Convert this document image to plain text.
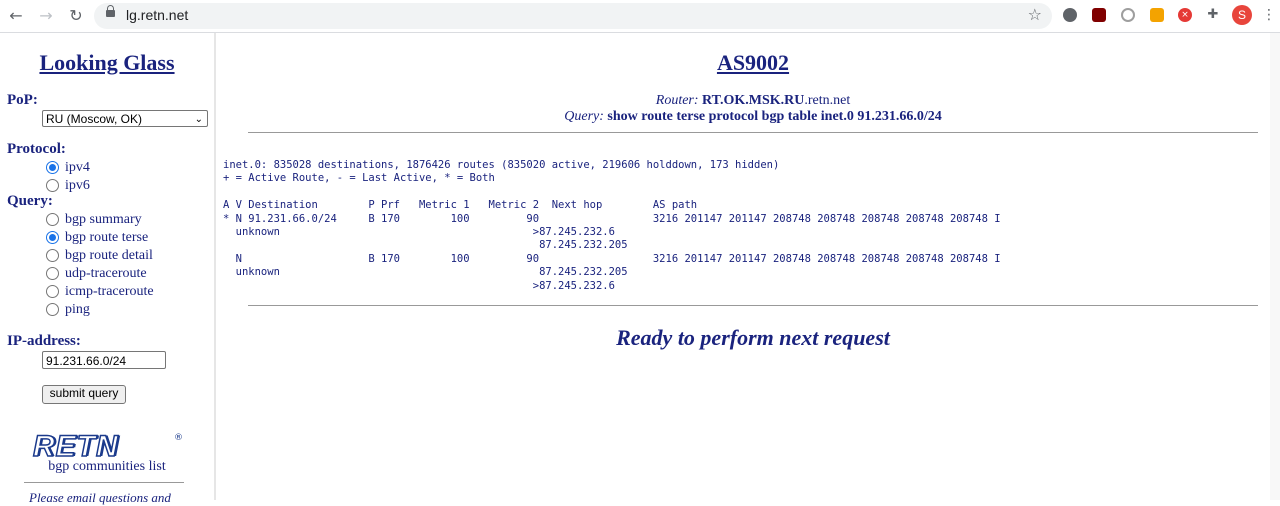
← → ↻	lg.retn.net	☆	× ✚	S	⋮
Looking Glass
PoP:
RU (Moscow, OK)	⌄
Protocol:
ipv4
ipv6
Query:
bgp summary
bgp route terse
bgp route detail
udp-traceroute
icmp-traceroute
ping
IP-address:
91.231.66.0/24
submit query
RETN	®
bgp communities list
Please email questions and
AS9002
Router: RT.OK.MSK.RU.retn.net
Query: show route terse protocol bgp table inet.0 91.231.66.0/24
inet.0: 835028 destinations, 1876426 routes (835020 active, 219606 holddown, 173 hidden)
+ = Active Route, - = Last Active, * = Both

A V Destination        P Prf   Metric 1   Metric 2  Next hop        AS path
* N 91.231.66.0/24     B 170        100         90                  3216 201147 201147 208748 208748 208748 208748 208748 I
unknown                                        >87.245.232.6
87.245.232.205
N                    B 170        100         90                  3216 201147 201147 208748 208748 208748 208748 208748 I
unknown                                         87.245.232.205
>87.245.232.6
Ready to perform next request
